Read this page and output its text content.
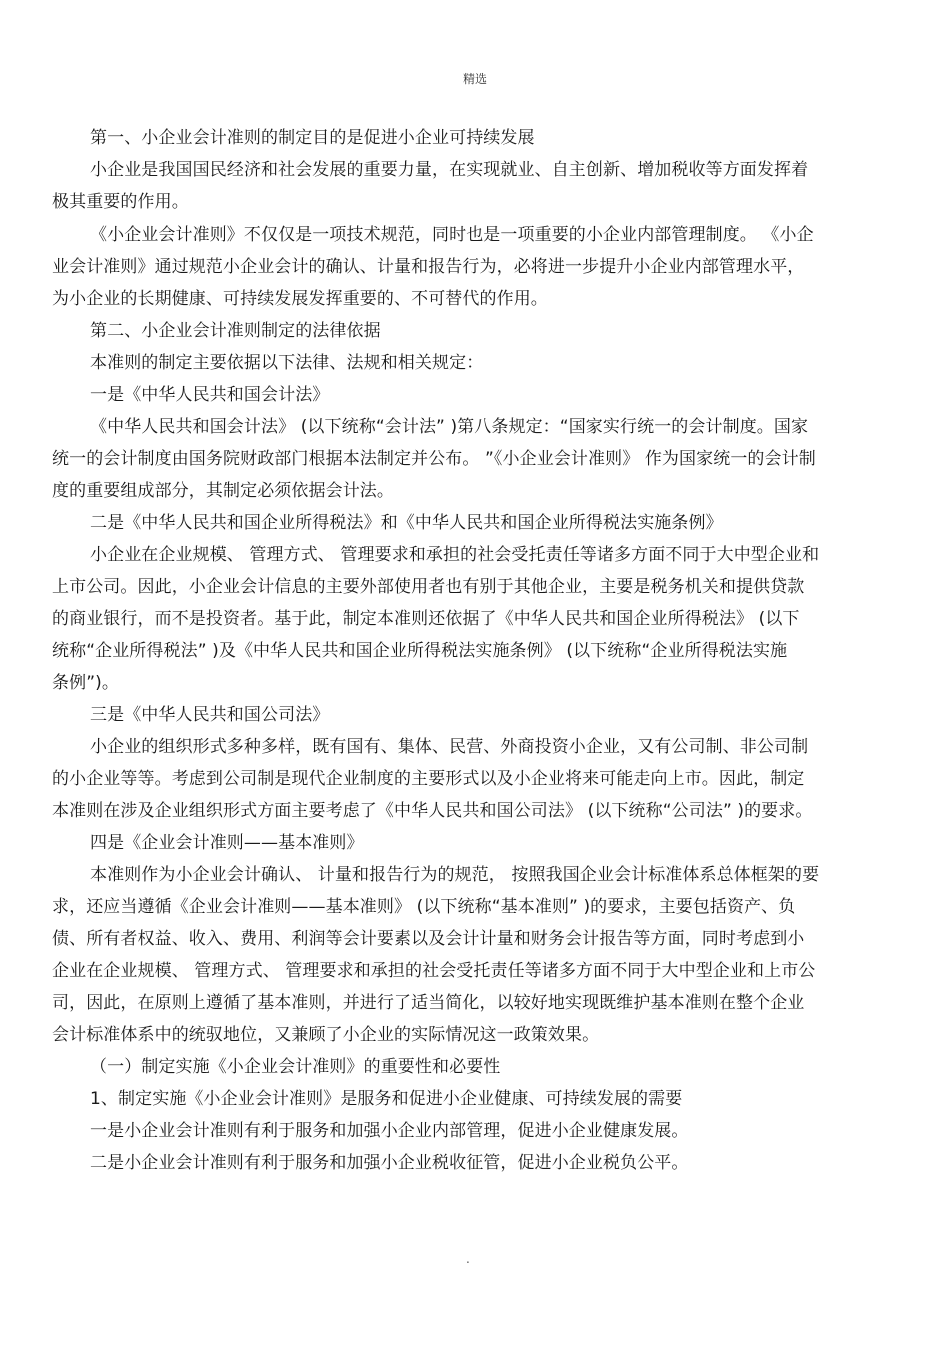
精选
第一、小企业会计准则的制定目的是促进小企业可持续发展
小企业是我国国民经济和社会发展的重要力量，在实现就业、自主创新、增加税收等方面发挥着
极其重要的作用。
《小企业会计准则》不仅仅是一项技术规范，同时也是一项重要的小企业内部管理制度。 《小企
业会计准则》通过规范小企业会计的确认、计量和报告行为，必将进一步提升小企业内部管理水平，
为小企业的长期健康、可持续发展发挥重要的、不可替代的作用。
第二、小企业会计准则制定的法律依据
本准则的制定主要依据以下法律、法规和相关规定：
一是《中华人民共和国会计法》
《中华人民共和国会计法》 (以下统称“会计法” )第八条规定：“国家实行统一的会计制度。国家
统一的会计制度由国务院财政部门根据本法制定并公布。 ”《小企业会计准则》 作为国家统一的会计制
度的重要组成部分，其制定必须依据会计法。
二是《中华人民共和国企业所得税法》和《中华人民共和国企业所得税法实施条例》
小企业在企业规模、 管理方式、 管理要求和承担的社会受托责任等诸多方面不同于大中型企业和
上市公司。因此，小企业会计信息的主要外部使用者也有别于其他企业，主要是税务机关和提供贷款
的商业银行，而不是投资者。基于此，制定本准则还依据了《中华人民共和国企业所得税法》 (以下
统称“企业所得税法” )及《中华人民共和国企业所得税法实施条例》 (以下统称“企业所得税法实施
条例”)。
三是《中华人民共和国公司法》
小企业的组织形式多种多样，既有国有、集体、民营、外商投资小企业，又有公司制、非公司制
的小企业等等。考虑到公司制是现代企业制度的主要形式以及小企业将来可能走向上市。因此，制定
本准则在涉及企业组织形式方面主要考虑了《中华人民共和国公司法》 (以下统称“公司法” )的要求。
四是《企业会计准则——基本准则》
本准则作为小企业会计确认、 计量和报告行为的规范， 按照我国企业会计标准体系总体框架的要
求，还应当遵循《企业会计准则——基本准则》 (以下统称“基本准则” )的要求，主要包括资产、负
债、所有者权益、收入、费用、利润等会计要素以及会计计量和财务会计报告等方面，同时考虑到小
企业在企业规模、 管理方式、 管理要求和承担的社会受托责任等诸多方面不同于大中型企业和上市公
司，因此，在原则上遵循了基本准则，并进行了适当简化，以较好地实现既维护基本准则在整个企业
会计标准体系中的统驭地位，又兼顾了小企业的实际情况这一政策效果。
（一）制定实施《小企业会计准则》的重要性和必要性
1、制定实施《小企业会计准则》是服务和促进小企业健康、可持续发展的需要
一是小企业会计准则有利于服务和加强小企业内部管理，促进小企业健康发展。
二是小企业会计准则有利于服务和加强小企业税收征管，促进小企业税负公平。
.
